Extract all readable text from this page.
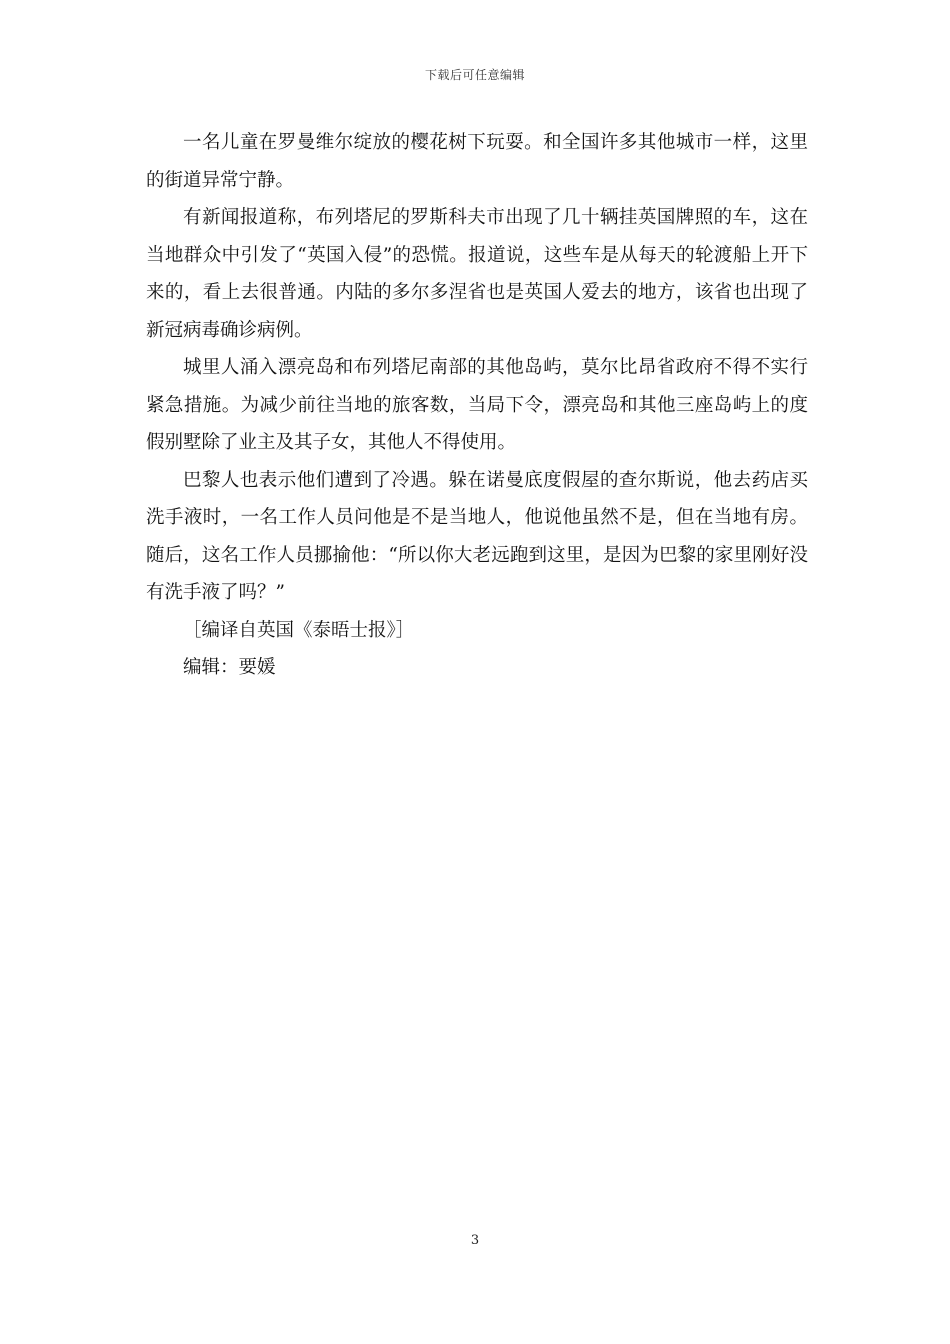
下载后可任意编辑

一名儿童在罗曼维尔绽放的樱花树下玩耍。和全国许多其他城市一样，这里的街道异常宁静。

有新闻报道称，布列塔尼的罗斯科夫市出现了几十辆挂英国牌照的车，这在当地群众中引发了“英国入侵”的恐慌。报道说，这些车是从每天的轮渡船上开下来的，看上去很普通。内陆的多尔多涅省也是英国人爱去的地方，该省也出现了新冠病毒确诊病例。

城里人涌入漂亮岛和布列塔尼南部的其他岛屿，莫尔比昂省政府不得不实行紧急措施。为减少前往当地的旅客数，当局下令，漂亮岛和其他三座岛屿上的度假别墅除了业主及其子女，其他人不得使用。

巴黎人也表示他们遭到了冷遇。躲在诺曼底度假屋的查尔斯说，他去药店买洗手液时，一名工作人员问他是不是当地人，他说他虽然不是，但在当地有房。随后，这名工作人员挪揄他：“所以你大老远跑到这里，是因为巴黎的家里刚好没有洗手液了吗？”

［编译自英国《泰晤士报》］

编辑：要媛

3
